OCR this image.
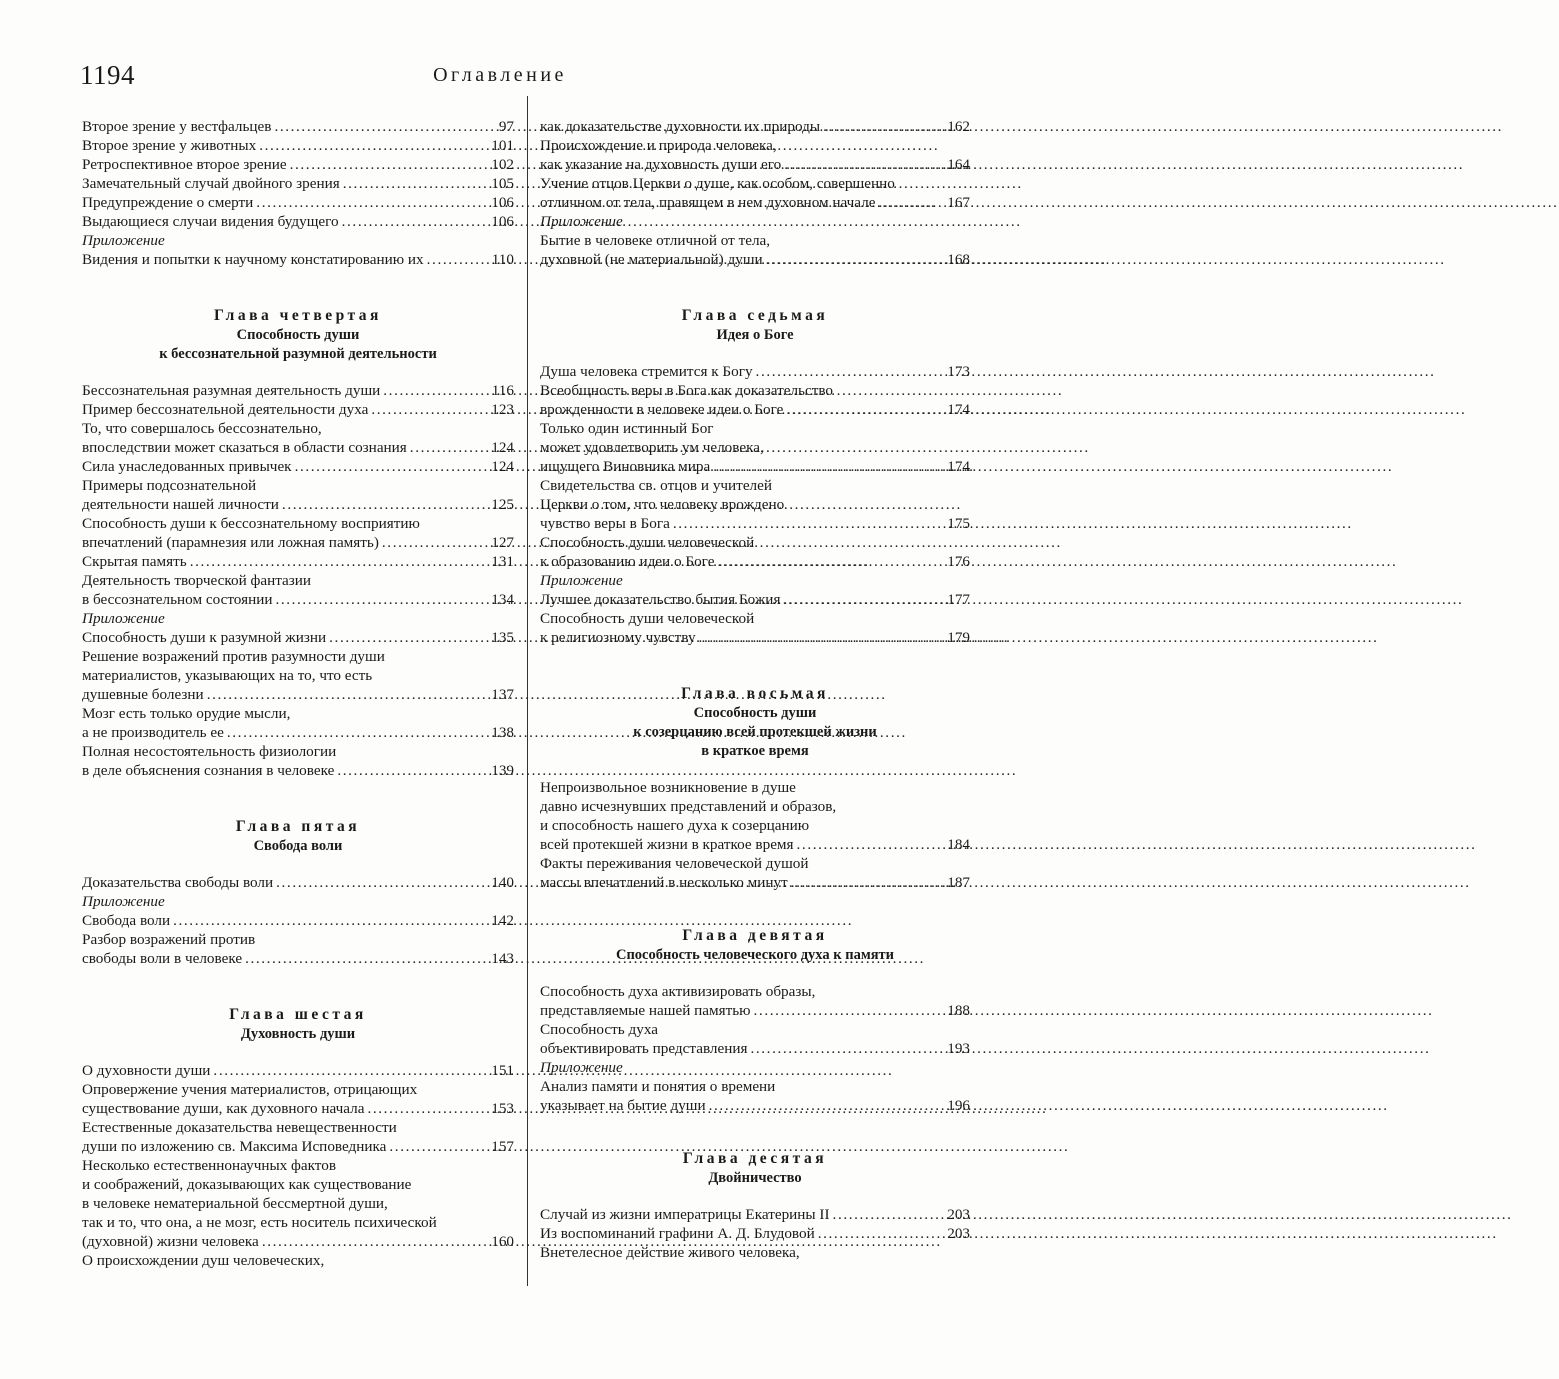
1194	Оглавление
Второе зрение у вестфальцев .....	97
Второе зрение у животных .....	101
Ретроспективное второе зрение .....	102
Замечательный случай двойного зрения .....	105
Предупреждение о смерти .....	106
Выдающиеся случаи видения будущего .....	106
Приложение
Видения и попытки к научному констатированию их .....	110
Глава четвертая
Способность души
к бессознательной разумной деятельности
Бессознательная разумная деятельность души .....	116
Пример бессознательной деятельности духа .....	123
То, что совершалось бессознательно,
впоследствии может сказаться в области сознания .....	124
Сила унаследованных привычек .....	124
Примеры подсознательной
деятельности нашей личности .....	125
Способность души к бессознательному восприятию
впечатлений (парамнезия или ложная память) .....	127
Скрытая память .....	131
Деятельность творческой фантазии
в бессознательном состоянии .....	134
Приложение
Способность души к разумной жизни .....	135
Решение возражений против разумности души
материалистов, указывающих на то, что есть
душевные болезни .....	137
Мозг есть только орудие мысли,
а не производитель ее .....	138
Полная несостоятельность физиологии
в деле объяснения сознания в человеке .....	139
Глава пятая
Свобода воли
Доказательства свободы воли .....	140
Приложение
Свобода воли .....	142
Разбор возражений против
свободы воли в человеке .....	143
Глава шестая
Духовность души
О духовности души .....	151
Опровержение учения материалистов, отрицающих
существование души, как духовного начала .....	153
Естественные доказательства невещественности
души по изложению св. Максима Исповедника .....	157
Несколько естественнонаучных фактов
и соображений, доказывающих как существование
в человеке нематериальной бессмертной души,
так и то, что она, а не мозг, есть носитель психической
(духовной) жизни человека .....	160
О происхождении душ человеческих,
как доказательстве духовности их природы .....	162
Происхождение и природа человека,
как указание на духовность души его .....	164
Учение отцов Церкви о душе, как особом, совершенно
отличном от тела, правящем в нем духовном начале .....	167
Приложение
Бытие в человеке отличной от тела,
духовной (не материальной) души .....	168
Глава седьмая
Идея о Боге
Душа человека стремится к Богу .....	173
Всеобщность веры в Бога как доказательство
врожденности в человеке идеи о Боге .....	174
Только один истинный Бог
может удовлетворить ум человека,
ищущего Виновника мира .....	174
Свидетельства св. отцов и учителей
Церкви о том, что человеку врождено
чувство веры в Бога .....	175
Способность души человеческой
к образованию идеи о Боге .....	176
Приложение
Лучшее доказательство бытия Божия .....	177
Способность души человеческой
к религиозному чувству .....	179
Глава восьмая
Способность души
к созерцанию всей протекшей жизни
в краткое время
Непроизвольное возникновение в душе
давно исчезнувших представлений и образов,
и способность нашего духа к созерцанию
всей протекшей жизни в краткое время .....	184
Факты переживания человеческой душой
массы впечатлений в несколько минут .....	187
Глава девятая
Способность человеческого духа к памяти
Способность духа активизировать образы,
представляемые нашей памятью .....	188
Способность духа
объективировать представления .....	193
Приложение
Анализ памяти и понятия о времени
указывает на бытие души .....	196
Глава десятая
Двойничество
Случай из жизни императрицы Екатерины II .....	203
Из воспоминаний графини А. Д. Блудовой .....	203
Внетелесное действие живого человека,
